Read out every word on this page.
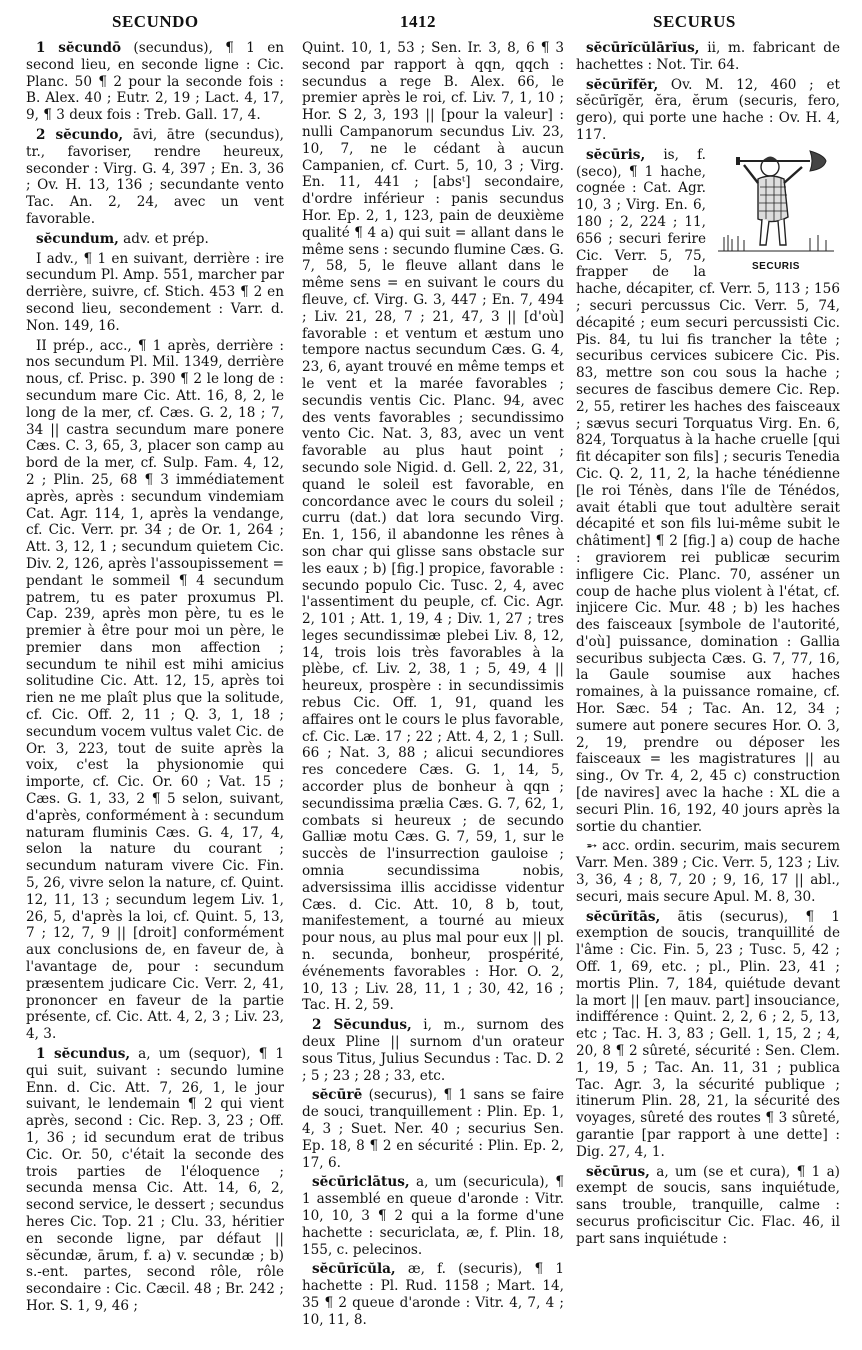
SECUNDO	1412	SECURUS

1 sĕcundō (secundus), ¶ 1 en second lieu, en seconde ligne : Cic. Planc. 50 ¶ 2 pour la seconde fois : B. Alex. 40 ; Eutr. 2, 19 ; Lact. 4, 17, 9, ¶ 3 deux fois : Treb. Gall. 17, 4.

2 sĕcundo, āvi, ātre (secundus), tr., favoriser, rendre heureux, seconder : Virg. G. 4, 397 ; En. 3, 36 ; Ov. H. 13, 136 ; secundante vento Tac. An. 2, 24, avec un vent favorable.

sĕcundum, adv. et prép.

I adv., ¶ 1 en suivant, derrière : ire secundum Pl. Amp. 551, marcher par derrière, suivre, cf. Stich. 453 ¶ 2 en second lieu, secondement : Varr. d. Non. 149, 16.

II prép., acc., ¶ 1 après, derrière : nos secundum Pl. Mil. 1349, derrière nous, cf. Prisc. p. 390 ¶ 2 le long de : secundum mare Cic. Att. 16, 8, 2, le long de la mer, cf. Cæs. G. 2, 18 ; 7, 34 || castra secundum mare ponere Cæs. C. 3, 65, 3, placer son camp au bord de la mer, cf. Sulp. Fam. 4, 12, 2 ; Plin. 25, 68 ¶ 3 immédiatement après, après : secundum vindemiam Cat. Agr. 114, 1, après la vendange, cf. Cic. Verr. pr. 34 ; de Or. 1, 264 ; Att. 3, 12, 1 ; secundum quietem Cic. Div. 2, 126, après l'assoupissement = pendant le sommeil ¶ 4 secundum patrem, tu es pater proxumus Pl. Cap. 239, après mon père, tu es le premier à être pour moi un père, le premier dans mon affection ; secundum te nihil est mihi amicius solitudine Cic. Att. 12, 15, après toi rien ne me plaît plus que la solitude, cf. Cic. Off. 2, 11 ; Q. 3, 1, 18 ; secundum vocem vultus valet Cic. de Or. 3, 223, tout de suite après la voix, c'est la physionomie qui importe, cf. Cic. Or. 60 ; Vat. 15 ; Cæs. G. 1, 33, 2 ¶ 5 selon, suivant, d'après, conformément à : secundum naturam fluminis Cæs. G. 4, 17, 4, selon la nature du courant ; secundum naturam vivere Cic. Fin. 5, 26, vivre selon la nature, cf. Quint. 12, 11, 13 ; secundum legem Liv. 1, 26, 5, d'après la loi, cf. Quint. 5, 13, 7 ; 12, 7, 9 || [droit] conformément aux conclusions de, en faveur de, à l'avantage de, pour : secundum præsentem judicare Cic. Verr. 2, 41, prononcer en faveur de la partie présente, cf. Cic. Att. 4, 2, 3 ; Liv. 23, 4, 3.

1 sĕcundus, a, um (sequor), ¶ 1 qui suit, suivant : secundo lumine Enn. d. Cic. Att. 7, 26, 1, le jour suivant, le lendemain ¶ 2 qui vient après, second : Cic. Rep. 3, 23 ; Off. 1, 36 ; id secundum erat de tribus Cic. Or. 50, c'était la seconde des trois parties de l'éloquence ; secunda mensa Cic. Att. 14, 6, 2, second service, le dessert ; secundus heres Cic. Top. 21 ; Clu. 33, héritier en seconde ligne, par défaut || sĕcundæ, ārum, f. a) v. secundæ ; b) s.-ent. partes, second rôle, rôle secondaire : Cic. Cæcil. 48 ; Br. 242 ; Hor. S. 1, 9, 46 ;

Quint. 10, 1, 53 ; Sen. Ir. 3, 8, 6 ¶ 3 second par rapport à qqn, qqch : secundus a rege B. Alex. 66, le premier après le roi, cf. Liv. 7, 1, 10 ; Hor. S 2, 3, 193 || [pour la valeur] : nulli Campanorum secundus Liv. 23, 10, 7, ne le cédant à aucun Campanien, cf. Curt. 5, 10, 3 ; Virg. En. 11, 441 ; [absᵗ] secondaire, d'ordre inférieur : panis secundus Hor. Ep. 2, 1, 123, pain de deuxième qualité ¶ 4 a) qui suit = allant dans le même sens : secundo flumine Cæs. G. 7, 58, 5, le fleuve allant dans le même sens = en suivant le cours du fleuve, cf. Virg. G. 3, 447 ; En. 7, 494 ; Liv. 21, 28, 7 ; 21, 47, 3 || [d'où] favorable : et ventum et æstum uno tempore nactus secundum Cæs. G. 4, 23, 6, ayant trouvé en même temps et le vent et la marée favorables ; secundis ventis Cic. Planc. 94, avec des vents favorables ; secundissimo vento Cic. Nat. 3, 83, avec un vent favorable au plus haut point ; secundo sole Nigid. d. Gell. 2, 22, 31, quand le soleil est favorable, en concordance avec le cours du soleil ; curru (dat.) dat lora secundo Virg. En. 1, 156, il abandonne les rênes à son char qui glisse sans obstacle sur les eaux ; b) [fig.] propice, favorable : secundo populo Cic. Tusc. 2, 4, avec l'assentiment du peuple, cf. Cic. Agr. 2, 101 ; Att. 1, 19, 4 ; Div. 1, 27 ; tres leges secundissimæ plebei Liv. 8, 12, 14, trois lois très favorables à la plèbe, cf. Liv. 2, 38, 1 ; 5, 49, 4 || heureux, prospère : in secundissimis rebus Cic. Off. 1, 91, quand les affaires ont le cours le plus favorable, cf. Cic. Læ. 17 ; 22 ; Att. 4, 2, 1 ; Sull. 66 ; Nat. 3, 88 ; alicui secundiores res concedere Cæs. G. 1, 14, 5, accorder plus de bonheur à qqn ; secundissima prælia Cæs. G. 7, 62, 1, combats si heureux ; de secundo Galliæ motu Cæs. G. 7, 59, 1, sur le succès de l'insurrection gauloise ; omnia secundissima nobis, adversissima illis accidisse videntur Cæs. d. Cic. Att. 10, 8 b, tout, manifestement, a tourné au mieux pour nous, au plus mal pour eux || pl. n. secunda, bonheur, prospérité, événements favorables : Hor. O. 2, 10, 13 ; Liv. 28, 11, 1 ; 30, 42, 16 ; Tac. H. 2, 59.

2 Sĕcundus, i, m., surnom des deux Pline || surnom d'un orateur sous Titus, Julius Secundus : Tac. D. 2 ; 5 ; 23 ; 28 ; 33, etc.

sĕcūrē (securus), ¶ 1 sans se faire de souci, tranquillement : Plin. Ep. 1, 4, 3 ; Suet. Ner. 40 ; securius Sen. Ep. 18, 8 ¶ 2 en sécurité : Plin. Ep. 2, 17, 6.

sĕcūriclātus, a, um (securicula), ¶ 1 assemblé en queue d'aronde : Vitr. 10, 10, 3 ¶ 2 qui a la forme d'une hachette : securiclata, æ, f. Plin. 18, 155, c. pelecinos.

sĕcūrĭcŭla, æ, f. (securis), ¶ 1 hachette : Pl. Rud. 1158 ; Mart. 14, 35 ¶ 2 queue d'aronde : Vitr. 4, 7, 4 ; 10, 11, 8.

sĕcūrĭcŭlārĭus, ii, m. fabricant de hachettes : Not. Tir. 64.

sĕcūrĭfĕr, Ov. M. 12, 460 ; et sĕcūrĭgĕr, ĕra, ĕrum (securis, fero, gero), qui porte une hache : Ov. H. 4, 117.

SECURIS
sĕcūris, is, f. (seco), ¶ 1 hache, cognée : Cat. Agr. 10, 3 ; Virg. En. 6, 180 ; 2, 224 ; 11, 656 ; securi ferire Cic. Verr. 5, 75, frapper de la hache, décapiter, cf. Verr. 5, 113 ; 156 ; securi percussus Cic. Verr. 5, 74, décapité ; eum securi percussisti Cic. Pis. 84, tu lui fis trancher la tête ; securibus cervices subicere Cic. Pis. 83, mettre son cou sous la hache ; secures de fascibus demere Cic. Rep. 2, 55, retirer les haches des faisceaux ; sævus securi Torquatus Virg. En. 6, 824, Torquatus à la hache cruelle [qui fit décapiter son fils] ; securis Tenedia Cic. Q. 2, 11, 2, la hache ténédienne [le roi Ténès, dans l'île de Ténédos, avait établi que tout adultère serait décapité et son fils lui-même subit le châtiment] ¶ 2 [fig.] a) coup de hache : graviorem rei publicæ securim infligere Cic. Planc. 70, asséner un coup de hache plus violent à l'état, cf. injicere Cic. Mur. 48 ; b) les haches des faisceaux [symbole de l'autorité, d'où] puissance, domination : Gallia securibus subjecta Cæs. G. 7, 77, 16, la Gaule soumise aux haches romaines, à la puissance romaine, cf. Hor. Sæc. 54 ; Tac. An. 12, 34 ; sumere aut ponere secures Hor. O. 3, 2, 19, prendre ou déposer les faisceaux = les magistratures || au sing., Ov Tr. 4, 2, 45 c) construction [de navires] avec la hache : XL die a securi Plin. 16, 192, 40 jours après la sortie du chantier.

➵ acc. ordin. securim, mais securem Varr. Men. 389 ; Cic. Verr. 5, 123 ; Liv. 3, 36, 4 ; 8, 7, 20 ; 9, 16, 17 || abl., securi, mais secure Apul. M. 8, 30.

sĕcūrĭtās, ātis (securus), ¶ 1 exemption de soucis, tranquillité de l'âme : Cic. Fin. 5, 23 ; Tusc. 5, 42 ; Off. 1, 69, etc. ; pl., Plin. 23, 41 ; mortis Plin. 7, 184, quiétude devant la mort || [en mauv. part] insouciance, indifférence : Quint. 2, 2, 6 ; 2, 5, 13, etc ; Tac. H. 3, 83 ; Gell. 1, 15, 2 ; 4, 20, 8 ¶ 2 sûreté, sécurité : Sen. Clem. 1, 19, 5 ; Tac. An. 11, 31 ; publica Tac. Agr. 3, la sécurité publique ; itinerum Plin. 28, 21, la sécurité des voyages, sûreté des routes ¶ 3 sûreté, garantie [par rapport à une dette] : Dig. 27, 4, 1.

sĕcūrus, a, um (se et cura), ¶ 1 a) exempt de soucis, sans inquiétude, sans trouble, tranquille, calme : securus proficiscitur Cic. Flac. 46, il part sans inquiétude :
